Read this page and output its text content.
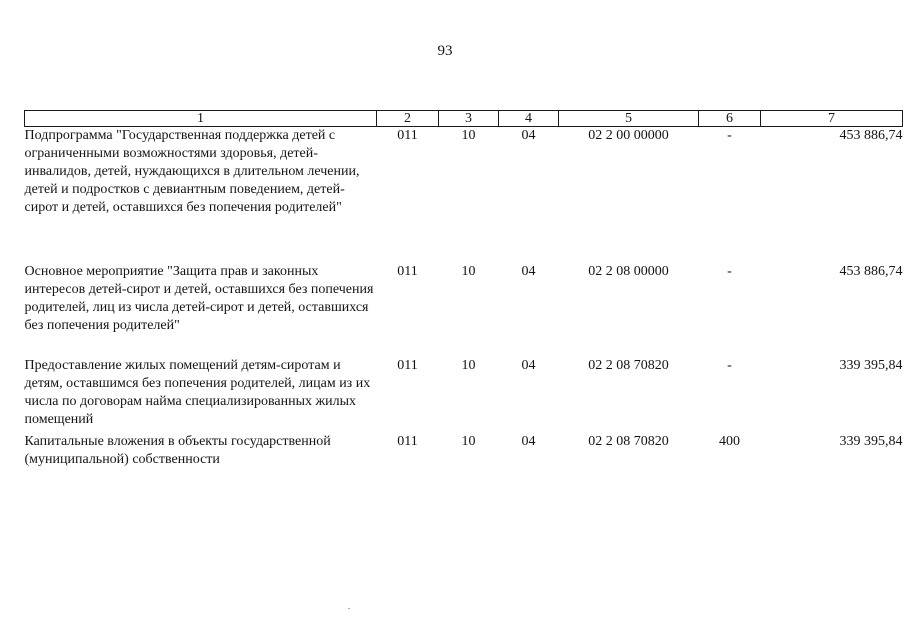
93
1	2	3	4	5	6	7
Подпрограмма "Государственная поддержка детей с ограниченными возможностями здоровья, детей-инвалидов, детей, нуждающихся в длительном лечении, детей и подростков с девиантным поведением, детей-сирот и детей, оставшихся без попечения родителей"	011	10	04	02 2 00 00000	-	453 886,74
Основное мероприятие "Защита прав и законных интересов детей-сирот и детей, оставшихся без попечения родителей, лиц из числа детей-сирот и детей, оставшихся без попечения родителей"	011	10	04	02 2 08 00000	-	453 886,74
Предоставление жилых помещений детям-сиротам и детям, оставшимся без попечения родителей, лицам из их числа по договорам найма специализированных жилых помещений	011	10	04	02 2 08 70820	-	339 395,84
Капитальные вложения в объекты государственной (муниципальной) собственности	011	10	04	02 2 08 70820	400	339 395,84
